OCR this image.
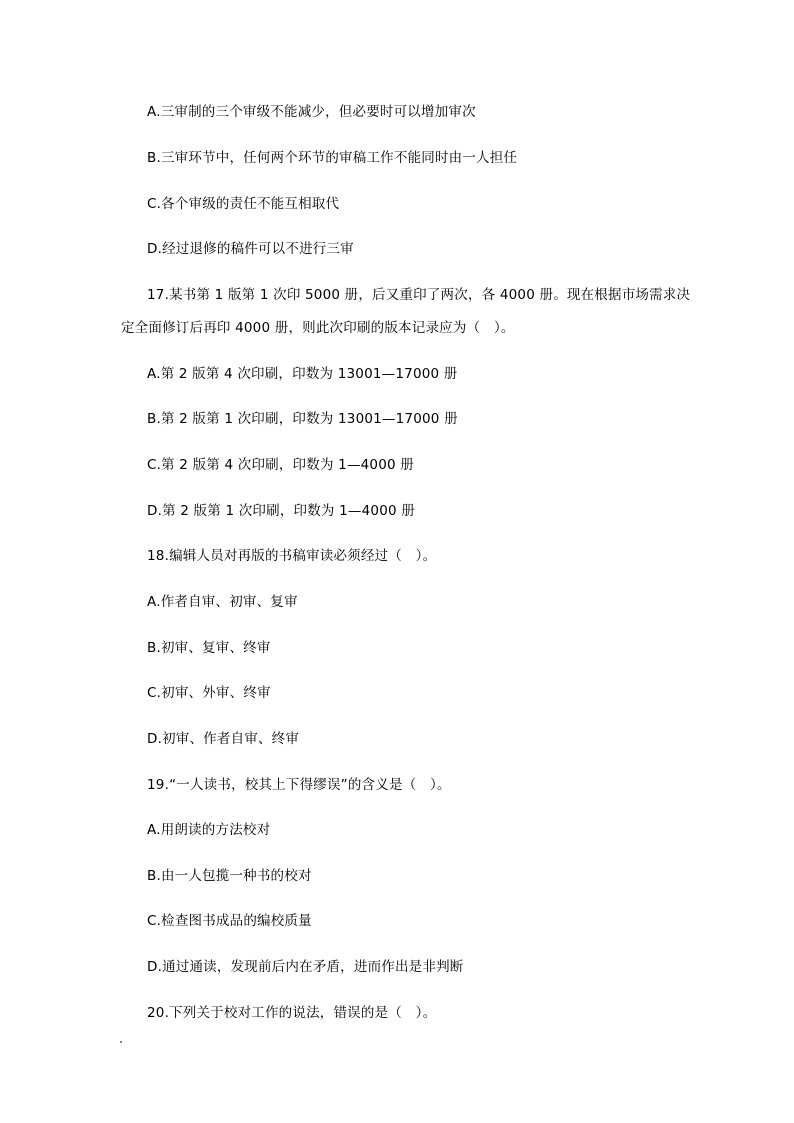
A.三审制的三个审级不能减少，但必要时可以增加审次
B.三审环节中，任何两个环节的审稿工作不能同时由一人担任
C.各个审级的责任不能互相取代
D.经过退修的稿件可以不进行三审
17.某书第 1 版第 1 次印 5000 册，后又重印了两次，各 4000 册。现在根据市场需求决
定全面修订后再印 4000 册，则此次印刷的版本记录应为（　）。
A.第 2 版第 4 次印刷，印数为 13001—17000 册
B.第 2 版第 1 次印刷，印数为 13001—17000 册
C.第 2 版第 4 次印刷，印数为 1—4000 册
D.第 2 版第 1 次印刷，印数为 1—4000 册
18.编辑人员对再版的书稿审读必须经过（　）。
A.作者自审、初审、复审
B.初审、复审、终审
C.初审、外审、终审
D.初审、作者自审、终审
19.“一人读书，校其上下得缪误”的含义是（　）。
A.用朗读的方法校对
B.由一人包揽一种书的校对
C.检查图书成品的编校质量
D.通过通读，发现前后内在矛盾，进而作出是非判断
20.下列关于校对工作的说法，错误的是（　）。
